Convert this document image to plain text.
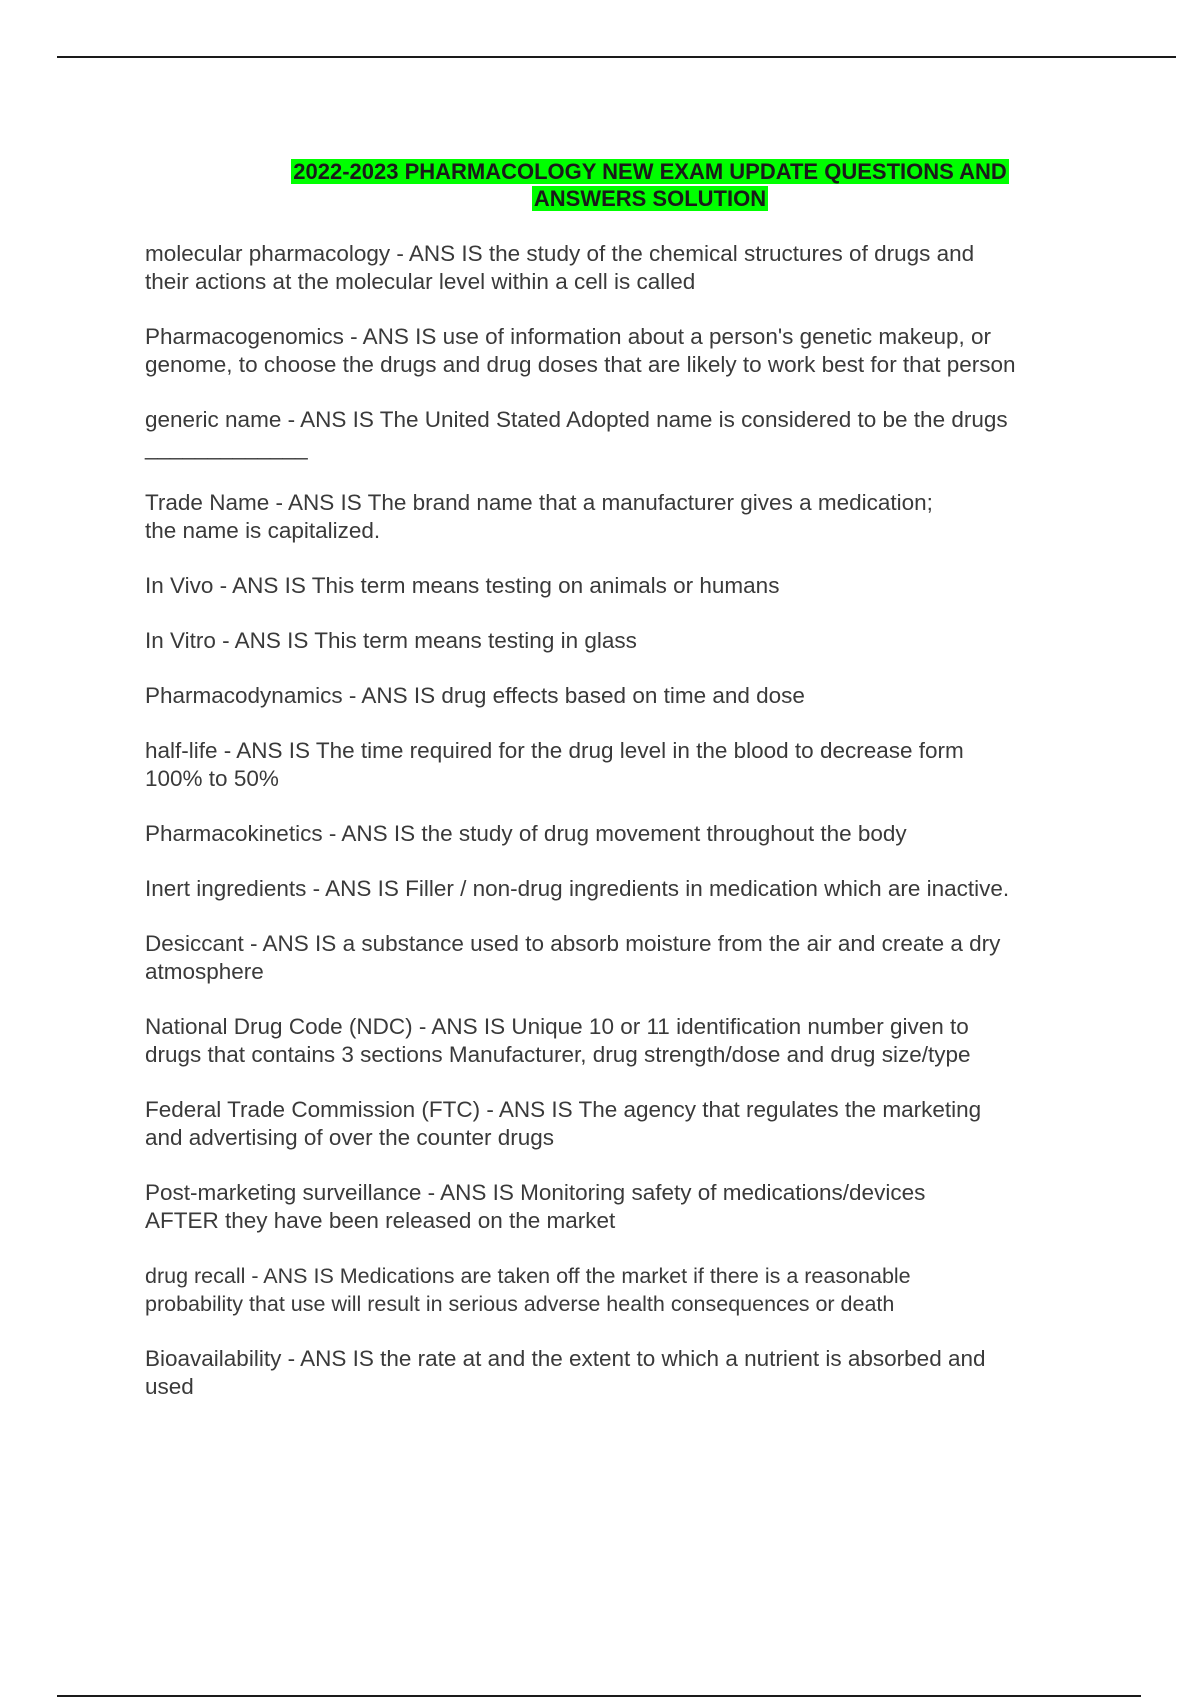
2022-2023 PHARMACOLOGY NEW EXAM UPDATE QUESTIONS AND
ANSWERS SOLUTION

molecular pharmacology - ANS IS the study of the chemical structures of drugs and
their actions at the molecular level within a cell is called

Pharmacogenomics - ANS IS use of information about a person's genetic makeup, or
genome, to choose the drugs and drug doses that are likely to work best for that person

generic name - ANS IS The United Stated Adopted name is considered to be the drugs
_____________

Trade Name - ANS IS The brand name that a manufacturer gives a medication;
the name is capitalized.

In Vivo - ANS IS This term means testing on animals or humans

In Vitro - ANS IS This term means testing in glass

Pharmacodynamics - ANS IS drug effects based on time and dose

half-life - ANS IS The time required for the drug level in the blood to decrease form
100% to 50%

Pharmacokinetics - ANS IS the study of drug movement throughout the body

Inert ingredients - ANS IS Filler / non-drug ingredients in medication which are inactive.

Desiccant - ANS IS a substance used to absorb moisture from the air and create a dry
atmosphere

National Drug Code (NDC) - ANS IS Unique 10 or 11 identification number given to
drugs that contains 3 sections Manufacturer, drug strength/dose and drug size/type

Federal Trade Commission (FTC) - ANS IS The agency that regulates the marketing
and advertising of over the counter drugs

Post-marketing surveillance - ANS IS Monitoring safety of medications/devices
AFTER they have been released on the market

drug recall - ANS IS Medications are taken off the market if there is a reasonable
probability that use will result in serious adverse health consequences or death

Bioavailability - ANS IS the rate at and the extent to which a nutrient is absorbed and
used
